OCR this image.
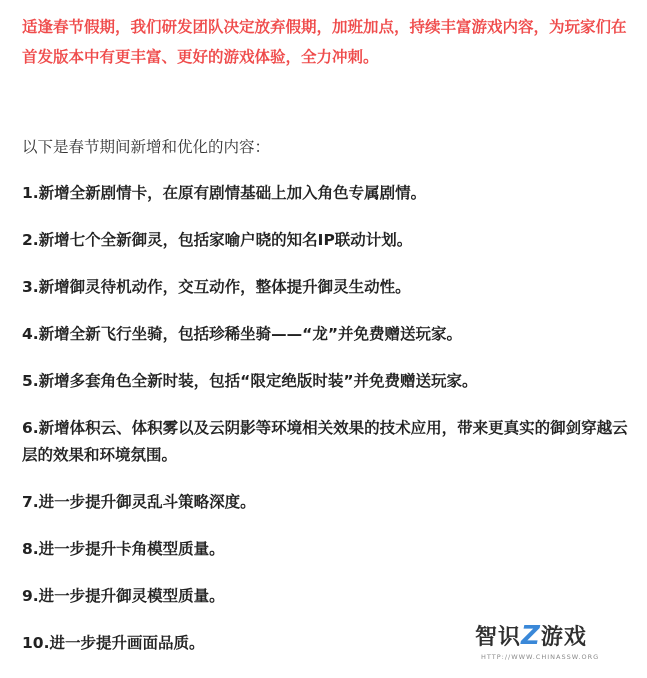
适逢春节假期，我们研发团队决定放弃假期，加班加点，持续丰富游戏内容，为玩家们在首发版本中有更丰富、更好的游戏体验，全力冲刺。

以下是春节期间新增和优化的内容：

1.新增全新剧情卡，在原有剧情基础上加入角色专属剧情。

2.新增七个全新御灵，包括家喻户晓的知名IP联动计划。

3.新增御灵待机动作，交互动作，整体提升御灵生动性。

4.新增全新飞行坐骑，包括珍稀坐骑——“龙”并免费赠送玩家。

5.新增多套角色全新时装，包括“限定绝版时装”并免费赠送玩家。

6.新增体积云、体积雾以及云阴影等环境相关效果的技术应用，带来更真实的御剑穿越云层的效果和环境氛围。

7.进一步提升御灵乱斗策略深度。

8.进一步提升卡角模型质量。

9.进一步提升御灵模型质量。

10.进一步提升画面品质。	智识Z游戏
HTTP://WWW.CHINASSW.ORG
